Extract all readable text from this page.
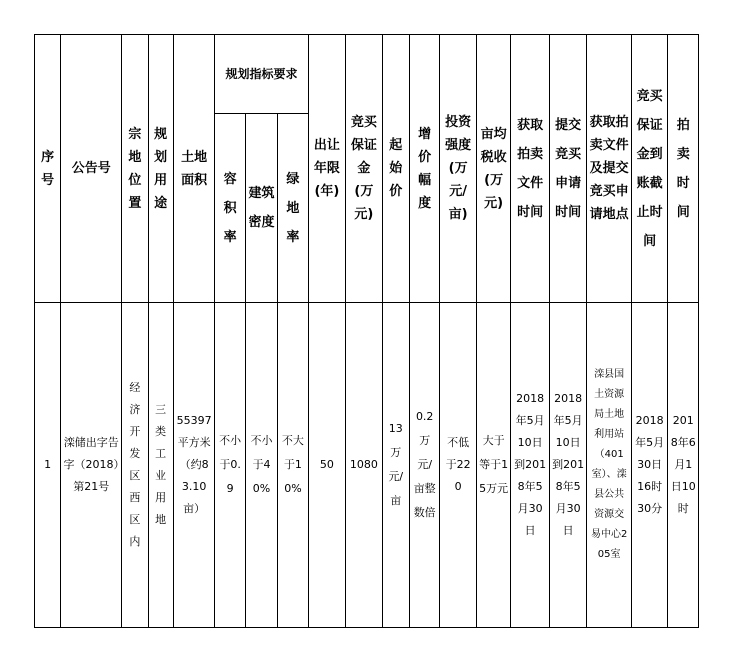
序号	公告号	宗地位置	规划用途	土地面积	规划指标要求			出让年限(年)	竞买保证金(万元)	起始价	增价幅度	投资强度(万元/亩)	亩均税收(万元)	获取拍卖文件时间	提交竞买申请时间	获取拍卖文件及提交竞买申请地点	竞买保证金到账截止时间	拍卖时间
					容积率	建筑密度	绿地率											
1	滦储出字告字（2018）第21号	经济开发区西区内	三类工业用地	55397平方米（约83.10亩）	不小于0.9	不小于40%	不大于10%	50	1080	13万元/亩	0.2万元/亩整数倍	不低于220	大于等于15万元	2018年5月10日到2018年5月30日	2018年5月10日到2018年5月30日	滦县国土资源局土地利用站（401室）、滦县公共资源交易中心205室	2018年5月30日16时30分	2018年6月1日10时
